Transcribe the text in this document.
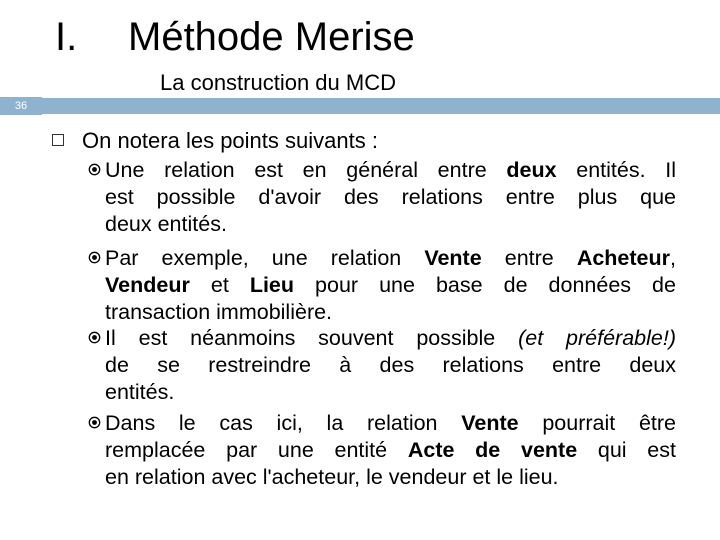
I. Méthode Merise
La construction du MCD
36
On notera les points suivants :
Une relation est en général entre deux entités. Il
est possible d'avoir des relations entre plus que
deux entités.
Par exemple, une relation Vente entre Acheteur,
Vendeur et Lieu pour une base de données de
transaction immobilière.
Il est néanmoins souvent possible (et préférable!)
de se restreindre à des relations entre deux
entités.
Dans le cas ici, la relation Vente pourrait être
remplacée par une entité Acte de vente qui est
en relation avec l'acheteur, le vendeur et le lieu.
